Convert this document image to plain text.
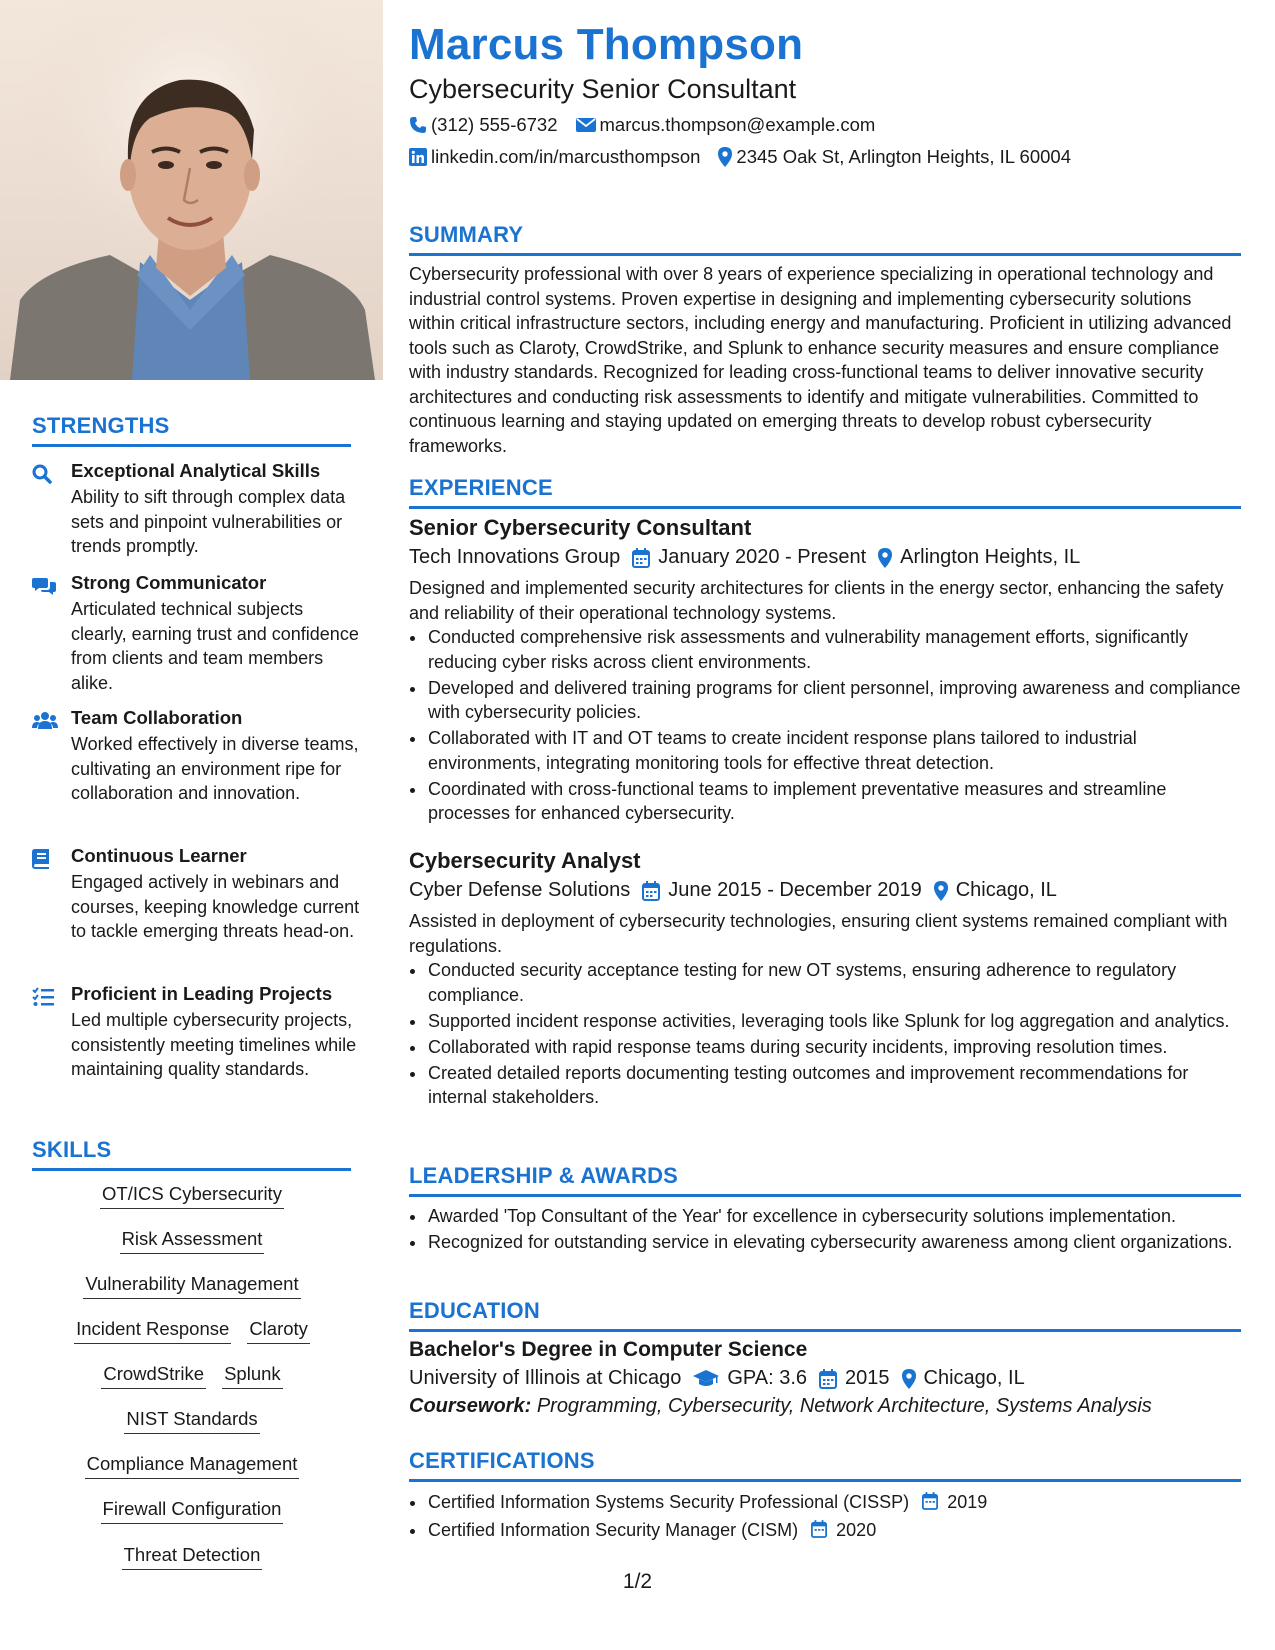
STRENGTHS
Exceptional Analytical Skills
Ability to sift through complex data sets and pinpoint vulnerabilities or trends promptly.
Strong Communicator
Articulated technical subjects clearly, earning trust and confidence from clients and team members alike.
Team Collaboration
Worked effectively in diverse teams, cultivating an environment ripe for collaboration and innovation.
Continuous Learner
Engaged actively in webinars and courses, keeping knowledge current to tackle emerging threats head-on.
Proficient in Leading Projects
Led multiple cybersecurity projects, consistently meeting timelines while maintaining quality standards.
SKILLS
OT/ICS Cybersecurity
Risk Assessment
Vulnerability Management
Incident Response Claroty
CrowdStrike Splunk
NIST Standards
Compliance Management
Firewall Configuration
Threat Detection
Marcus Thompson
Cybersecurity Senior Consultant
(312) 555-6732 marcus.thompson@example.com
linkedin.com/in/marcusthompson 2345 Oak St, Arlington Heights, IL 60004
SUMMARY
Cybersecurity professional with over 8 years of experience specializing in operational technology and industrial control systems. Proven expertise in designing and implementing cybersecurity solutions within critical infrastructure sectors, including energy and manufacturing. Proficient in utilizing advanced tools such as Claroty, CrowdStrike, and Splunk to enhance security measures and ensure compliance with industry standards. Recognized for leading cross-functional teams to deliver innovative security architectures and conducting risk assessments to identify and mitigate vulnerabilities. Committed to continuous learning and staying updated on emerging threats to develop robust cybersecurity frameworks.
EXPERIENCE
Senior Cybersecurity Consultant
Tech Innovations Group January 2020 - Present Arlington Heights, IL
Designed and implemented security architectures for clients in the energy sector, enhancing the safety and reliability of their operational technology systems.
• Conducted comprehensive risk assessments and vulnerability management efforts, significantly reducing cyber risks across client environments.
• Developed and delivered training programs for client personnel, improving awareness and compliance with cybersecurity policies.
• Collaborated with IT and OT teams to create incident response plans tailored to industrial environments, integrating monitoring tools for effective threat detection.
• Coordinated with cross-functional teams to implement preventative measures and streamline processes for enhanced cybersecurity.
Cybersecurity Analyst
Cyber Defense Solutions June 2015 - December 2019 Chicago, IL
Assisted in deployment of cybersecurity technologies, ensuring client systems remained compliant with regulations.
• Conducted security acceptance testing for new OT systems, ensuring adherence to regulatory compliance.
• Supported incident response activities, leveraging tools like Splunk for log aggregation and analytics.
• Collaborated with rapid response teams during security incidents, improving resolution times.
• Created detailed reports documenting testing outcomes and improvement recommendations for internal stakeholders.
LEADERSHIP & AWARDS
• Awarded 'Top Consultant of the Year' for excellence in cybersecurity solutions implementation.
• Recognized for outstanding service in elevating cybersecurity awareness among client organizations.
EDUCATION
Bachelor's Degree in Computer Science
University of Illinois at Chicago GPA: 3.6 2015 Chicago, IL
Coursework: Programming, Cybersecurity, Network Architecture, Systems Analysis
CERTIFICATIONS
• Certified Information Systems Security Professional (CISSP) 2019
• Certified Information Security Manager (CISM) 2020
1/2
